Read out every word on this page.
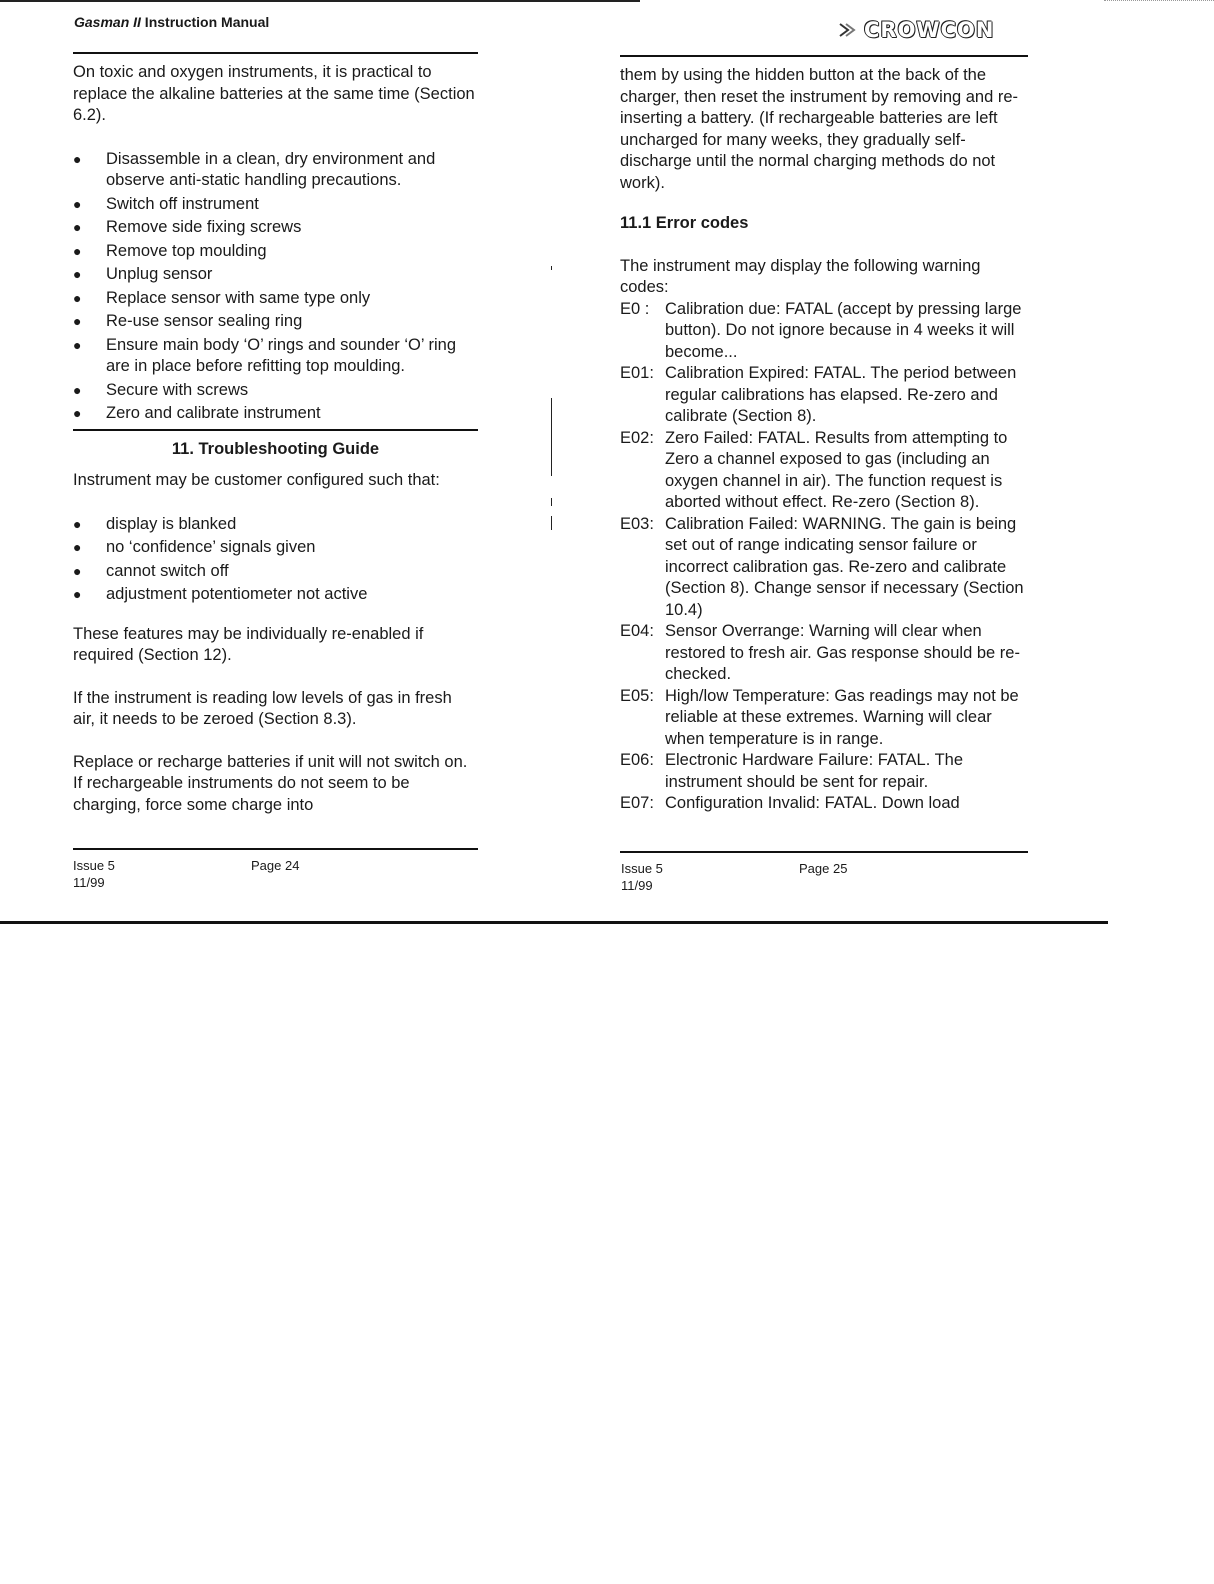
Gasman II Instruction Manual	CROWCON

On toxic and oxygen instruments, it is practical to replace the alkaline batteries at the same time (Section 6.2).

● Disassemble in a clean, dry environment and observe anti-static handling precautions.
● Switch off instrument
● Remove side fixing screws
● Remove top moulding
● Unplug sensor
● Replace sensor with same type only
● Re-use sensor sealing ring
● Ensure main body ‘O’ rings and sounder ‘O’ ring are in place before refitting top moulding.
● Secure with screws
● Zero and calibrate instrument
11. Troubleshooting Guide

Instrument may be customer configured such that:

● display is blanked
● no ‘confidence’ signals given
● cannot switch off
● adjustment potentiometer not active

These features may be individually re-enabled if required (Section 12).

If the instrument is reading low levels of gas in fresh air, it needs to be zeroed (Section 8.3).

Replace or recharge batteries if unit will not switch on. If rechargeable instruments do not seem to be charging, force some charge into

Issue 5
11/99
Page 24

them by using the hidden button at the back of the charger, then reset the instrument by removing and re-inserting a battery. (If rechargeable batteries are left uncharged for many weeks, they gradually self-discharge until the normal charging methods do not work).

11.1 Error codes

The instrument may display the following warning codes:

E0 : Calibration due: FATAL (accept by pressing large button). Do not ignore because in 4 weeks it will become...
E01: Calibration Expired: FATAL. The period between regular calibrations has elapsed. Re-zero and calibrate (Section 8).
E02: Zero Failed: FATAL. Results from attempting to Zero a channel exposed to gas (including an oxygen channel in air). The function request is aborted without effect. Re-zero (Section 8).
E03: Calibration Failed: WARNING. The gain is being set out of range indicating sensor failure or incorrect calibration gas. Re-zero and calibrate (Section 8). Change sensor if necessary (Section 10.4)
E04: Sensor Overrange: Warning will clear when restored to fresh air. Gas response should be re-checked.
E05: High/low Temperature: Gas readings may not be reliable at these extremes. Warning will clear when temperature is in range.
E06: Electronic Hardware Failure: FATAL. The instrument should be sent for repair.
E07: Configuration Invalid: FATAL. Down load
Issue 5
11/99
Page 25
